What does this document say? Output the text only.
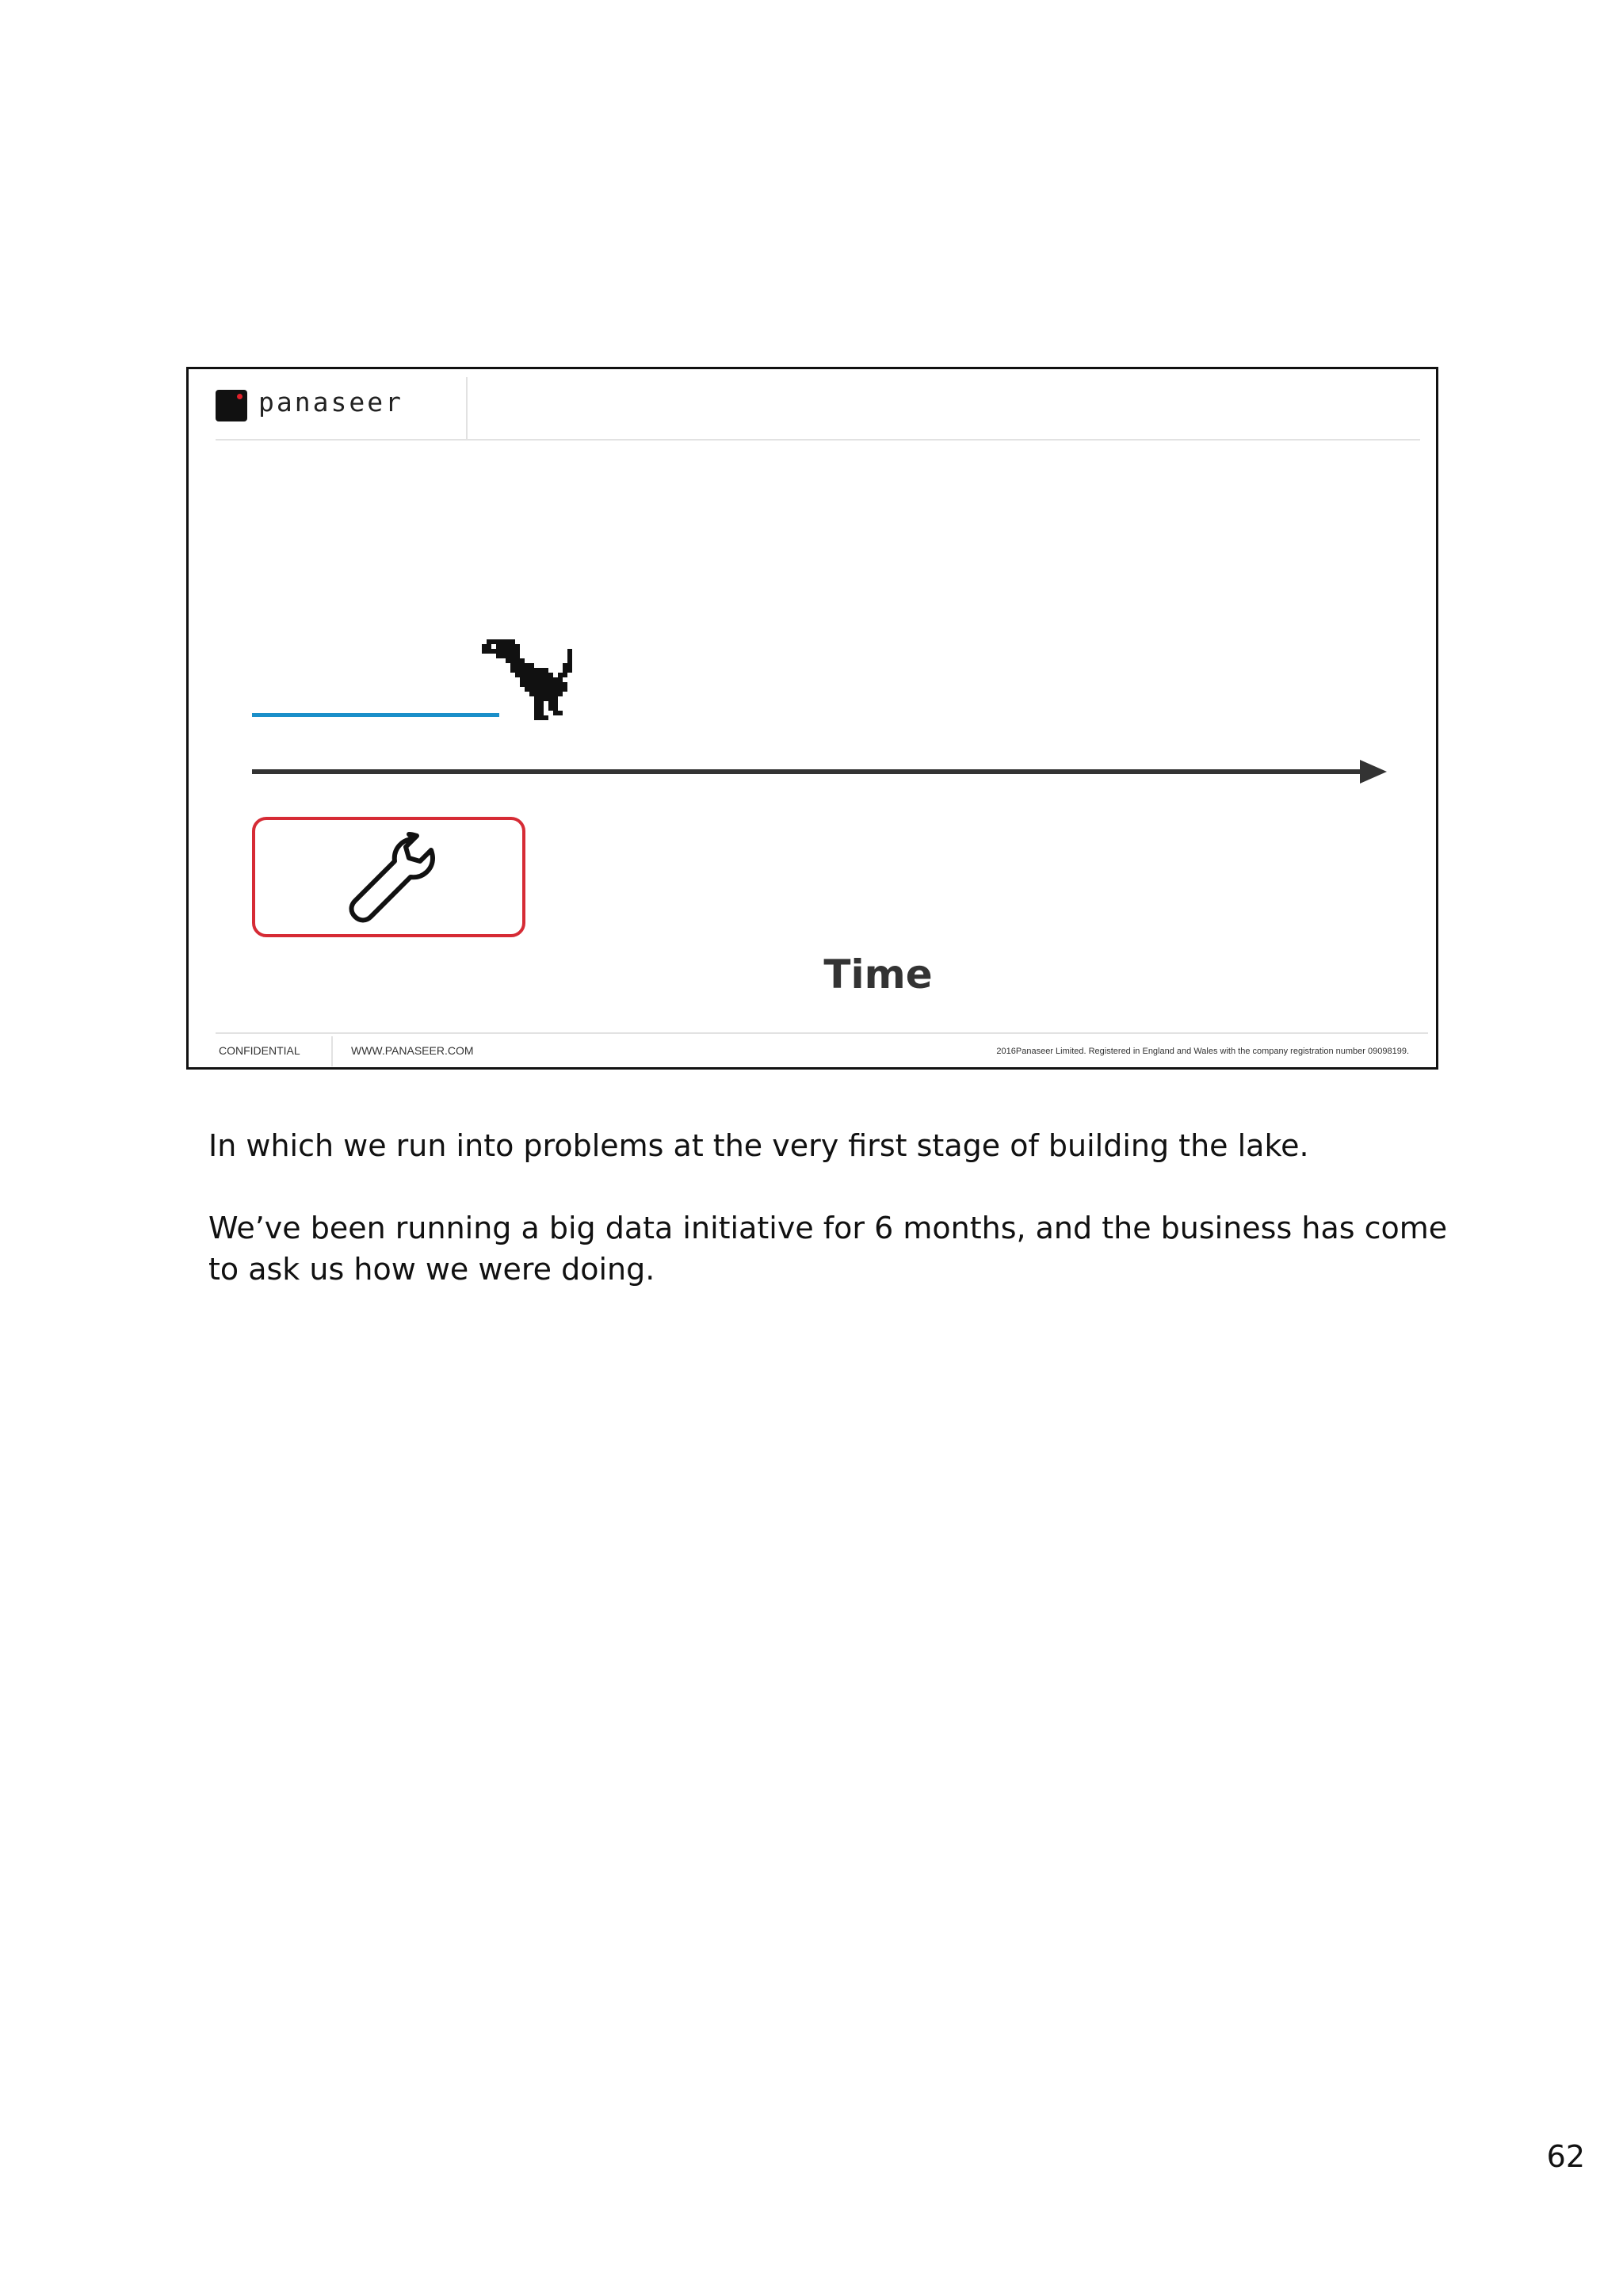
panaseer
Time
CONFIDENTIAL	WWW.PANASEER.COM	2016Panaseer Limited. Registered in England and Wales with the company registration number 09098199.

In which we run into problems at the very first stage of building the lake.

We’ve been running a big data initiative for 6 months, and the business has come to ask us how we were doing.

62
